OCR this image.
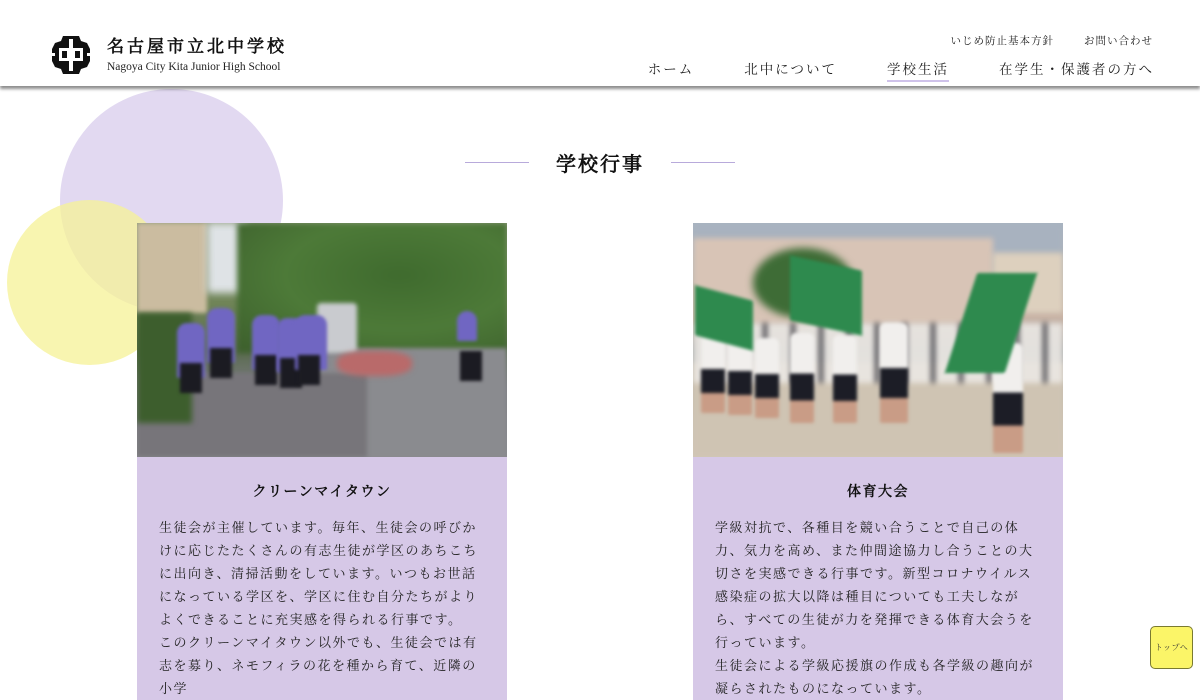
名古屋市立北中学校
Nagoya City Kita Junior High School
いじめ防止基本方針	お問い合わせ
ホーム	北中について	学校生活	在学生・保護者の方へ
学校行事
クリーンマイタウン

生徒会が主催しています。毎年、生徒会の呼びかけに応じたたくさんの有志生徒が学区のあちこちに出向き、清掃活動をしています。いつもお世話になっている学区を、学区に住む自分たちがよりよくできることに充実感を得られる行事です。

このクリーンマイタウン以外でも、生徒会では有志を募り、ネモフィラの花を種から育て、近隣の小学

体育大会

学級対抗で、各種目を競い合うことで自己の体力、気力を高め、また仲間途協力し合うことの大切さを実感できる行事です。新型コロナウイルス感染症の拡大以降は種目についても工夫しながら、すべての生徒が力を発揮できる体育大会うを行っています。

生徒会による学級応援旗の作成も各学級の趣向が凝らされたものになっています。

トップへ
